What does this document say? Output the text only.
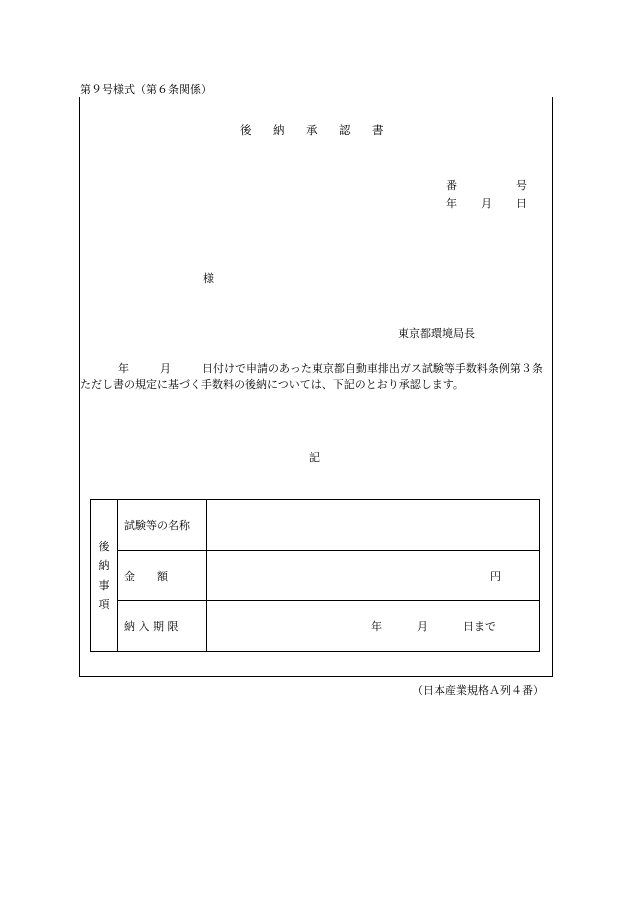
第９号様式（第６条関係）
後 納 承 認 書
番	号
年 月 日
様
東京都環境局長
年	月	日付けで申請のあった東京都自動車排出ガス試験等手数料条例第３条
ただし書の規定に基づく手数料の後納については、下記のとおり承認します。
記
後
納
事
項	試験等の名称	
	金　　額	円

	納 入 期 限	年 月 日まで
（日本産業規格Ａ列４番）
